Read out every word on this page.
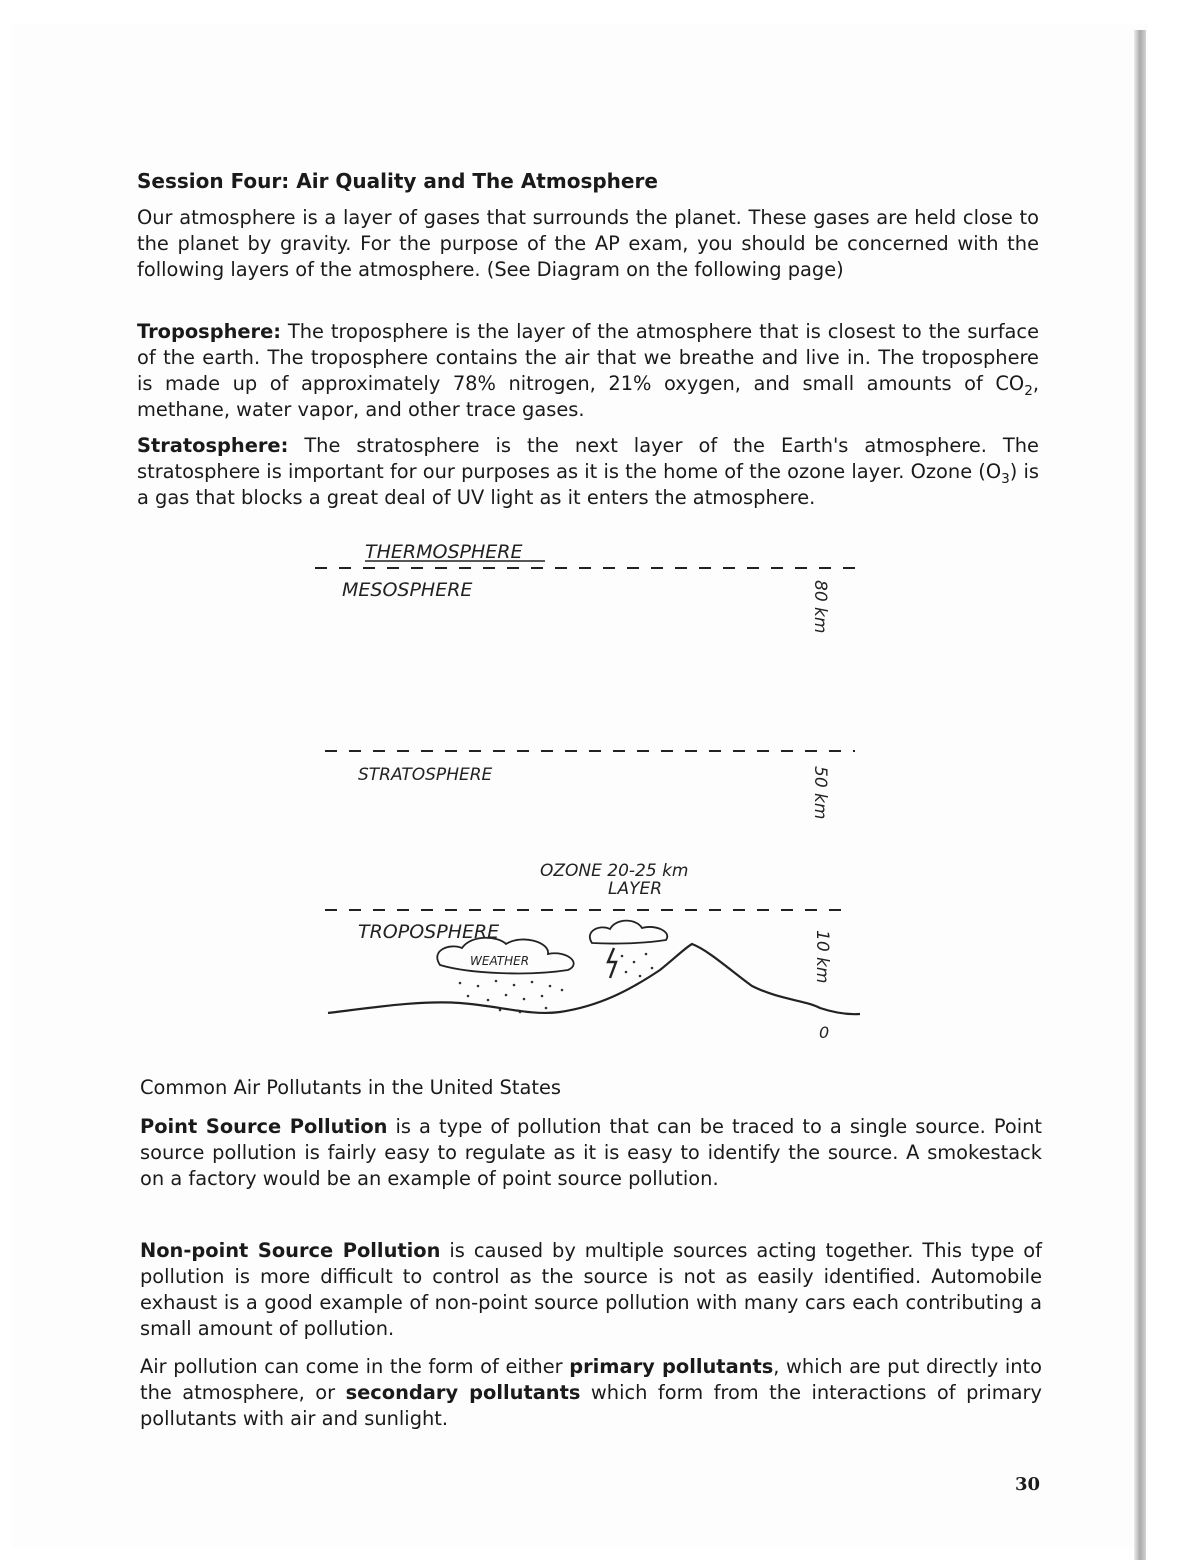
Session Four: Air Quality and The Atmosphere

Our atmosphere is a layer of gases that surrounds the planet. These gases are held close to the planet by gravity. For the purpose of the AP exam, you should be concerned with the following layers of the atmosphere. (See Diagram on the following page)

Troposphere: The troposphere is the layer of the atmosphere that is closest to the surface of the earth. The troposphere contains the air that we breathe and live in. The troposphere is made up of approximately 78% nitrogen, 21% oxygen, and small amounts of $CO_2$, methane, water vapor, and other trace gases.

Stratosphere: The stratosphere is the next layer of the Earth's atmosphere. The stratosphere is important for our purposes as it is the home of the ozone layer. Ozone $(O_3)$ is a gas that blocks a great deal of UV light as it enters the atmosphere.

THERMOSPHERE
MESOSPHERE
STRATOSPHERE
OZONE 20-25 km
LAYER
TROPOSPHERE
80 km
50 km
10 km
0
WEATHER
Common Air Pollutants in the United States

Point Source Pollution is a type of pollution that can be traced to a single source. Point source pollution is fairly easy to regulate as it is easy to identify the source. A smokestack on a factory would be an example of point source pollution.

Non-point Source Pollution is caused by multiple sources acting together. This type of pollution is more difficult to control as the source is not as easily identified. Automobile exhaust is a good example of non-point source pollution with many cars each contributing a small amount of pollution.

Air pollution can come in the form of either primary pollutants, which are put directly into the atmosphere, or secondary pollutants which form from the interactions of primary pollutants with air and sunlight.

30
